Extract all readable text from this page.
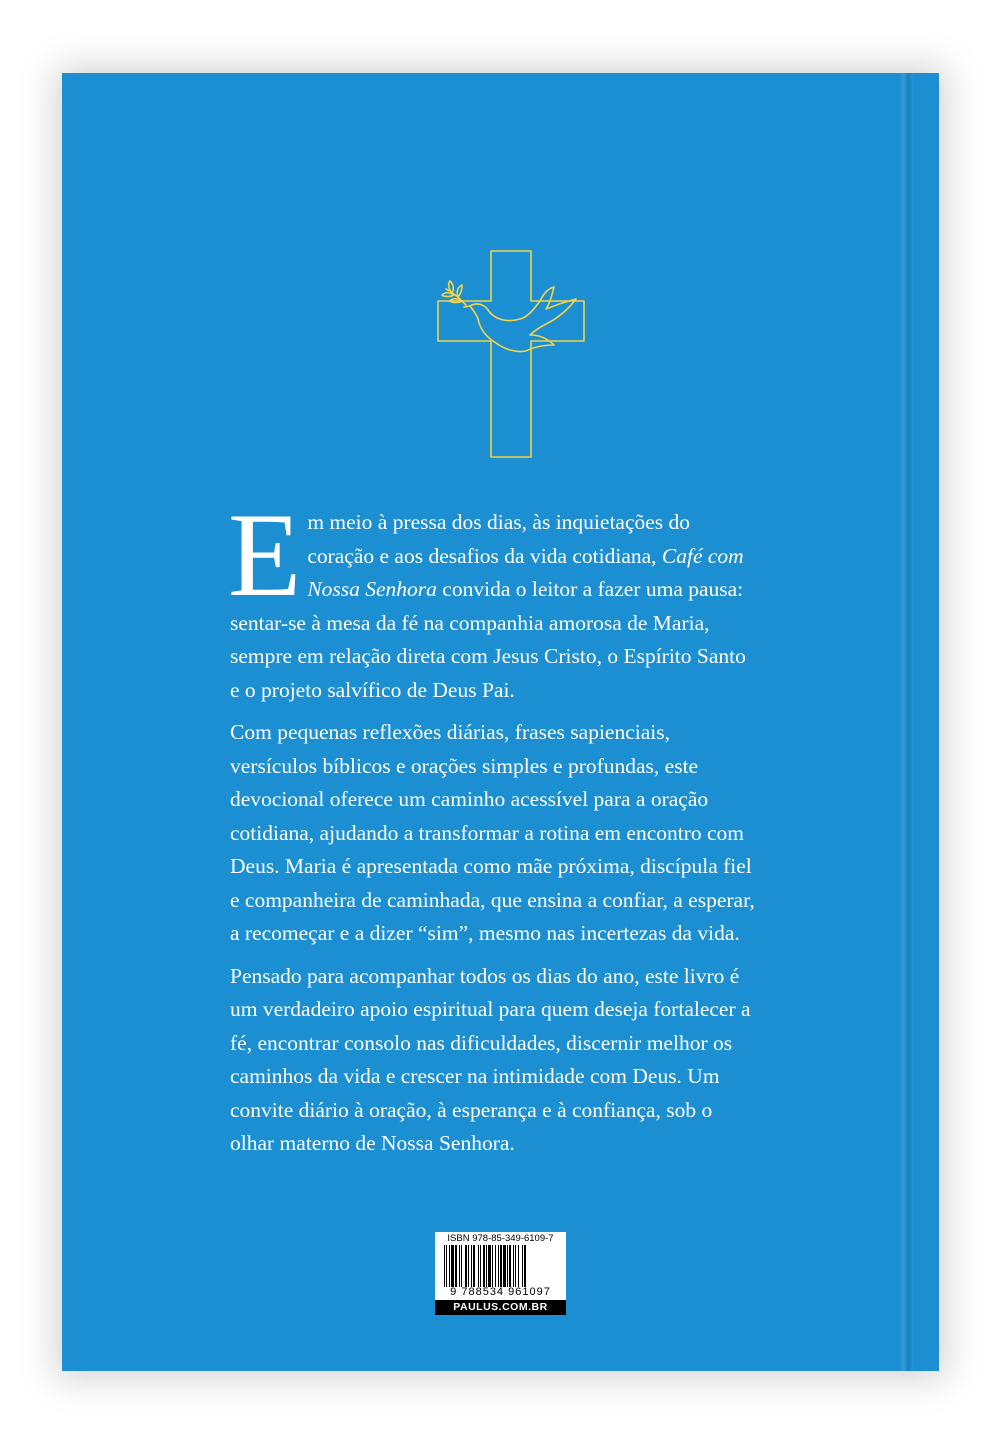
Em meio à pressa dos dias, às inquietações do coração e aos desafios da vida cotidiana, Café com Nossa Senhora convida o leitor a fazer uma pausa: sentar-se à mesa da fé na companhia amorosa de Maria, sempre em relação direta com Jesus Cristo, o Espírito Santo e o projeto salvífico de Deus Pai.

Com pequenas reflexões diárias, frases sapienciais, versículos bíblicos e orações simples e profundas, este devocional oferece um caminho acessível para a oração cotidiana, ajudando a transformar a rotina em encontro com Deus. Maria é apresentada como mãe próxima, discípula fiel e companheira de caminhada, que ensina a confiar, a esperar, a recomeçar e a dizer “sim”, mesmo nas incertezas da vida.

Pensado para acompanhar todos os dias do ano, este livro é um verdadeiro apoio espiritual para quem deseja fortalecer a fé, encontrar consolo nas dificuldades, discernir melhor os caminhos da vida e crescer na intimidade com Deus. Um convite diário à oração, à esperança e à confiança, sob o olhar materno de Nossa Senhora.

ISBN 978-85-349-6109-7
9 788534 961097
PAULUS.COM.BR
